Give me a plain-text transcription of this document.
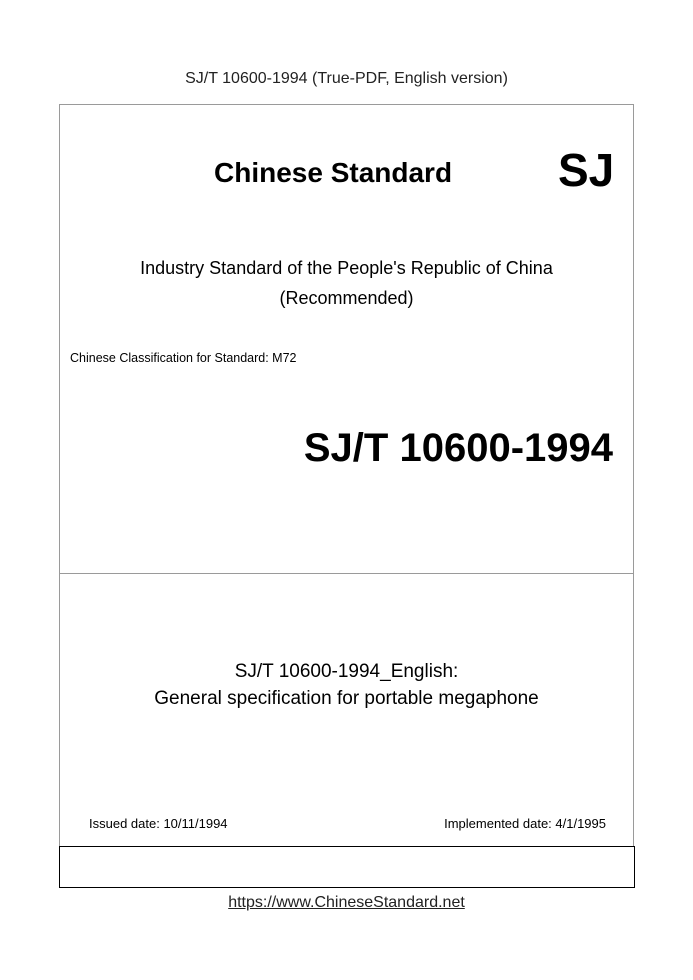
SJ/T 10600-1994 (True-PDF, English version)
Chinese Standard SJ
Industry Standard of the People's Republic of China
(Recommended)
Chinese Classification for Standard: M72
SJ/T 10600-1994
SJ/T 10600-1994_English:
General specification for portable megaphone
Issued date: 10/11/1994	Implemented date: 4/1/1995
https://www.ChineseStandard.net
